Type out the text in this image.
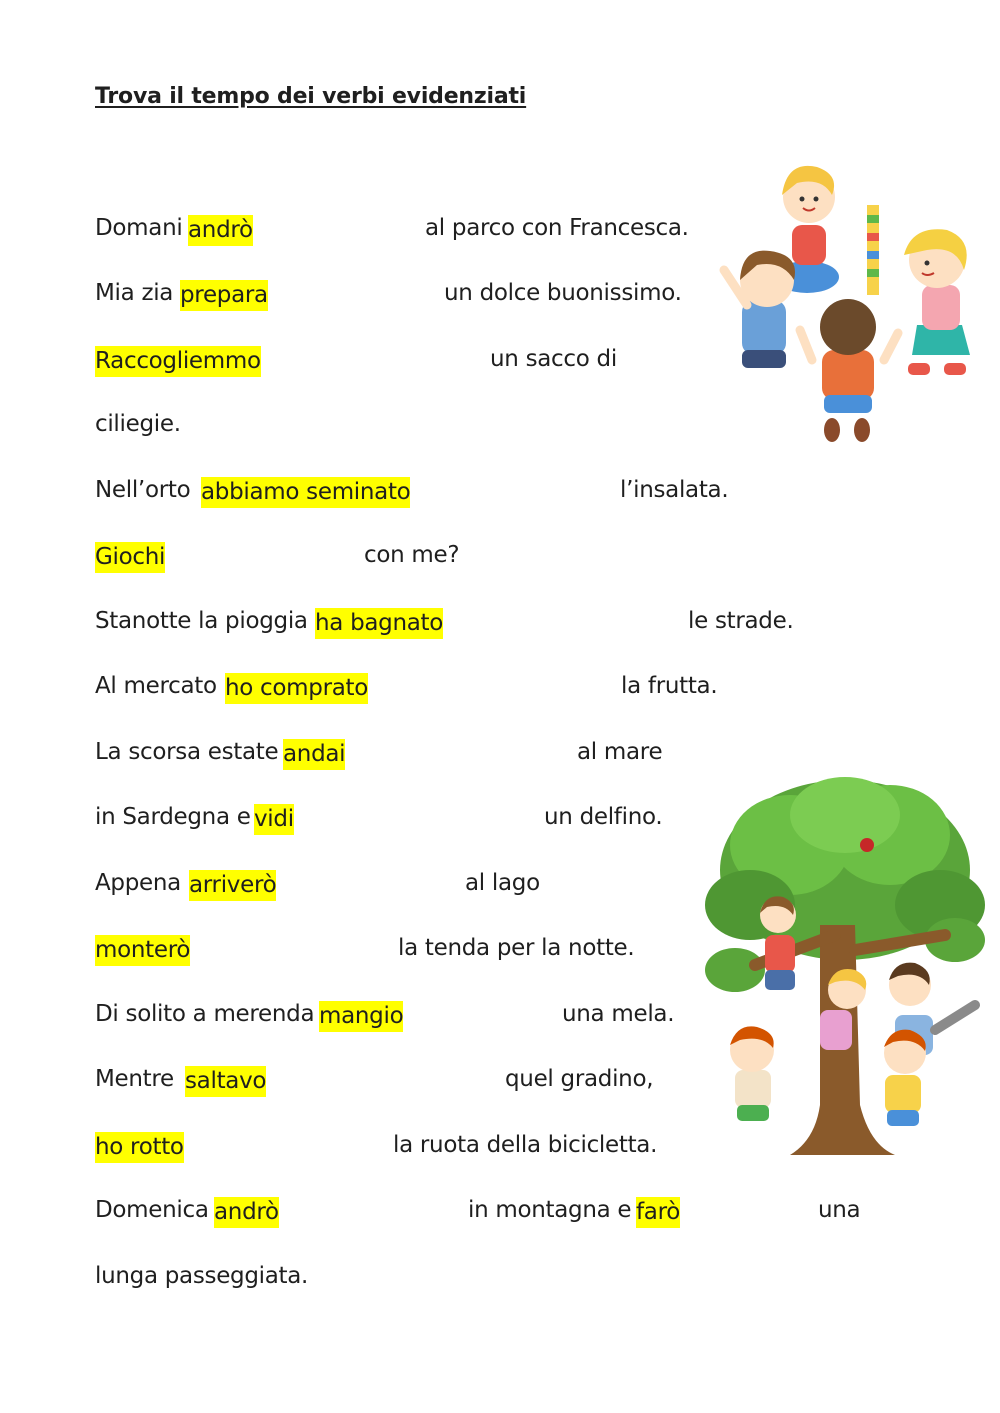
Trova il tempo dei verbi evidenziati
Domani andrò	al parco con Francesca.
Mia zia prepara	un dolce buonissimo.
Raccogliemmo	un sacco di
ciliegie.
Nell’orto abbiamo seminato	l’insalata.
Giochi	con me?
Stanotte la pioggia ha bagnato	le strade.
Al mercato ho comprato	la frutta.
La scorsa estate andai	al mare
in Sardegna e vidi	un delfino.
Appena arriverò	al lago
monterò	la tenda per la notte.
Di solito a merenda mangio	una mela.
Mentre saltavo	quel gradino,
ho rotto	la ruota della bicicletta.
Domenica andrò	in montagna e farò	una
lunga passeggiata.
